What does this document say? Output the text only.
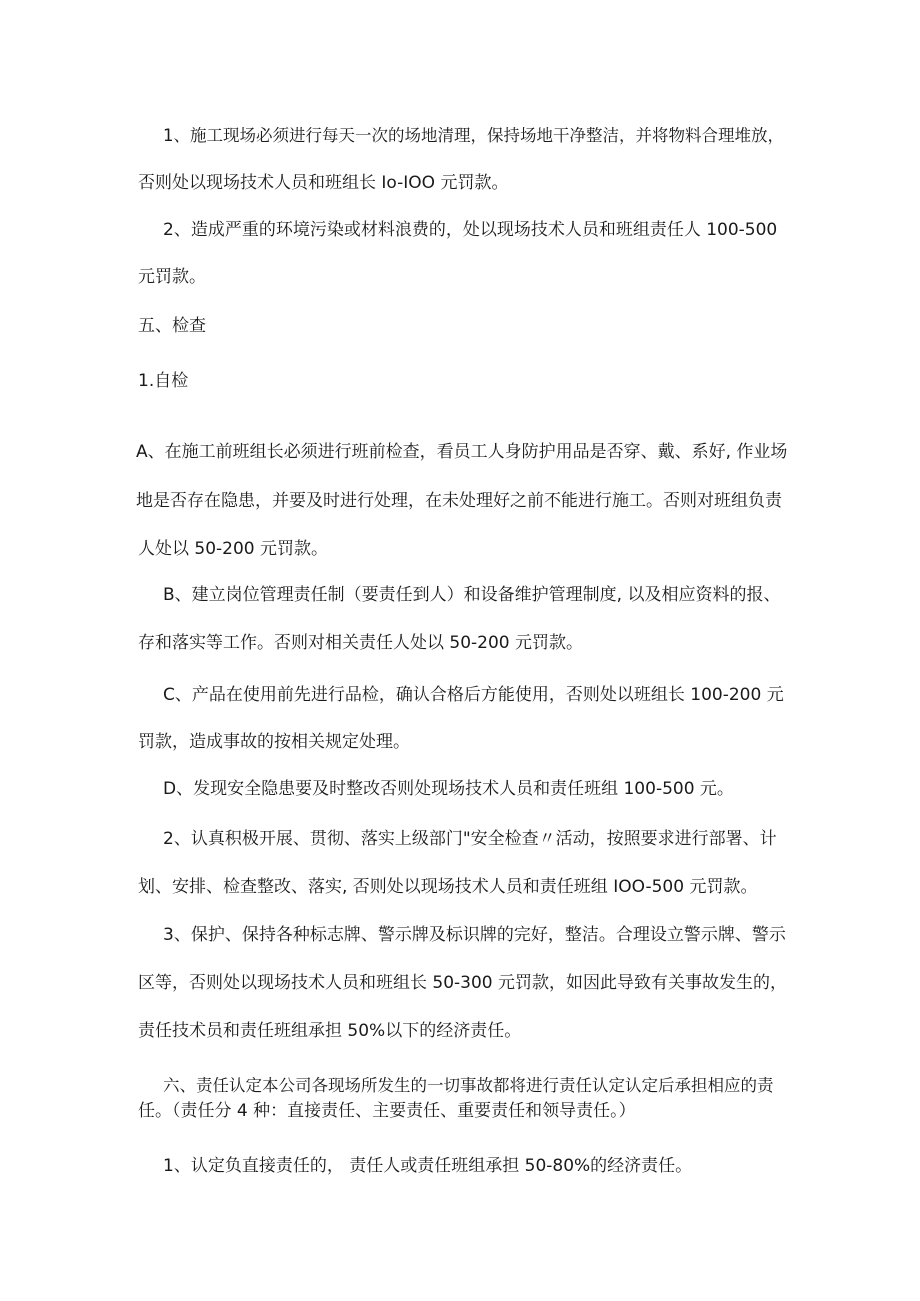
1、施工现场必须进行每天一次的场地清理，保持场地干净整洁，并将物料合理堆放，
否则处以现场技术人员和班组长 Io-IOO 元罚款。
2、造成严重的环境污染或材料浪费的，处以现场技术人员和班组责任人 100-500
元罚款。
五、检查
1.自检
A、在施工前班组长必须进行班前检查，看员工人身防护用品是否穿、戴、系好, 作业场
地是否存在隐患，并要及时进行处理，在未处理好之前不能进行施工。否则对班组负责
人处以 50-200 元罚款。
B、建立岗位管理责任制（要责任到人）和设备维护管理制度, 以及相应资料的报、
存和落实等工作。否则对相关责任人处以 50-200 元罚款。
C、产品在使用前先进行品检，确认合格后方能使用，否则处以班组长 100-200 元
罚款，造成事故的按相关规定处理。
D、发现安全隐患要及时整改否则处现场技术人员和责任班组 100-500 元。
2、认真积极开展、贯彻、落实上级部门"安全检查〃活动，按照要求进行部署、计
划、安排、检查整改、落实, 否则处以现场技术人员和责任班组 IOO-500 元罚款。
3、保护、保持各种标志牌、警示牌及标识牌的完好，整洁。合理设立警示牌、警示
区等，否则处以现场技术人员和班组长 50-300 元罚款，如因此导致有关事故发生的，
责任技术员和责任班组承担 50%以下的经济责任。
六、责任认定本公司各现场所发生的一切事故都将进行责任认定认定后承担相应的责
任。（责任分 4 种：直接责任、主要责任、重要责任和领导责任。）
1、认定负直接责任的， 责任人或责任班组承担 50-80%的经济责任。
